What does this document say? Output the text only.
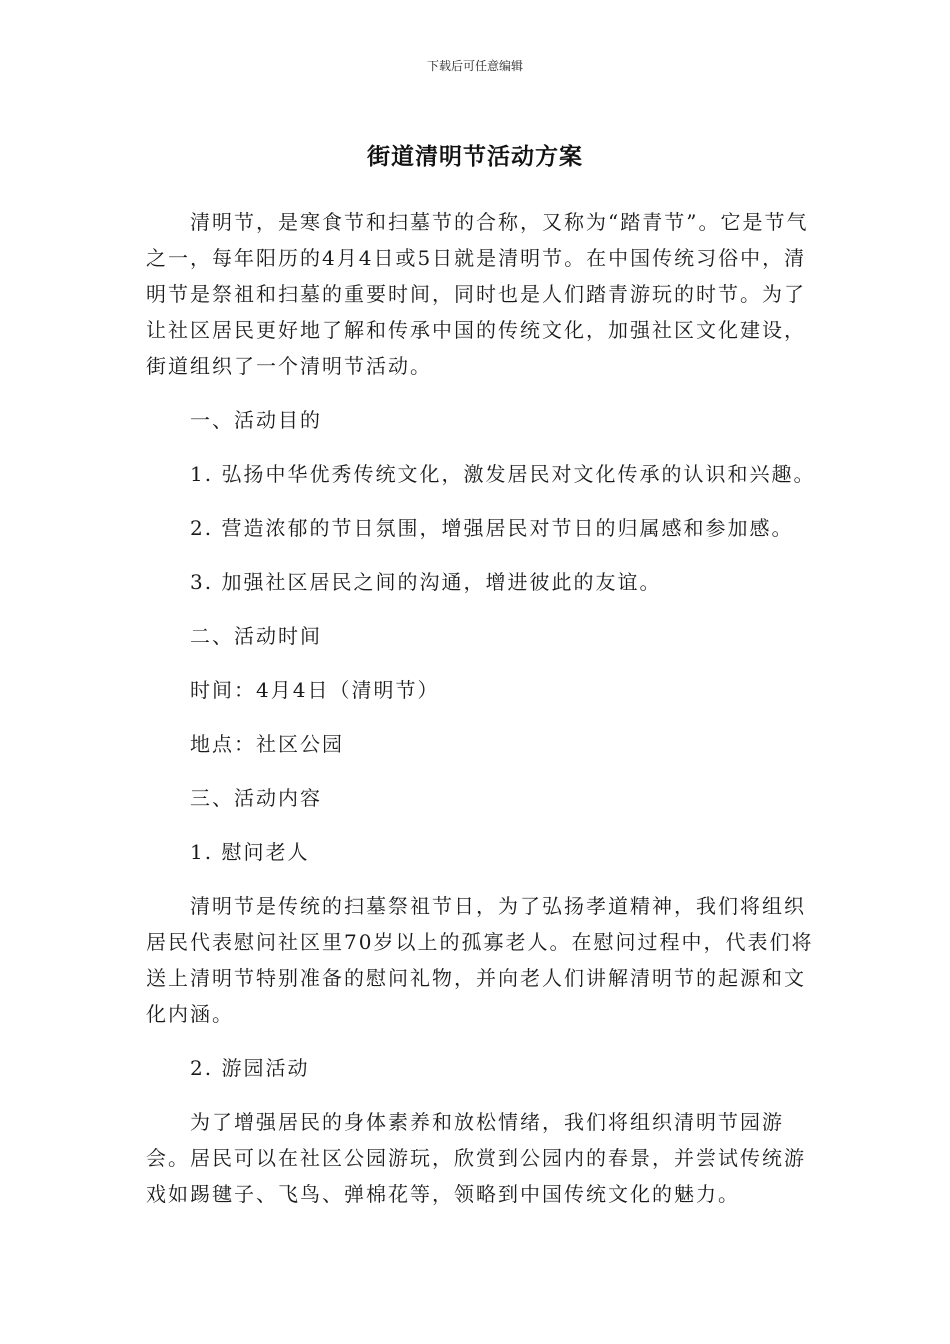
下载后可任意编辑
街道清明节活动方案

清明节，是寒食节和扫墓节的合称，又称为“踏青节”。它是节气之一，每年阳历的4月4日或5日就是清明节。在中国传统习俗中，清明节是祭祖和扫墓的重要时间，同时也是人们踏青游玩的时节。为了让社区居民更好地了解和传承中国的传统文化，加强社区文化建设，街道组织了一个清明节活动。

一、活动目的

1. 弘扬中华优秀传统文化，激发居民对文化传承的认识和兴趣。

2. 营造浓郁的节日氛围，增强居民对节日的归属感和参加感。

3. 加强社区居民之间的沟通，增进彼此的友谊。

二、活动时间

时间：4月4日（清明节）

地点：社区公园

三、活动内容

1. 慰问老人

清明节是传统的扫墓祭祖节日，为了弘扬孝道精神，我们将组织居民代表慰问社区里70岁以上的孤寡老人。在慰问过程中，代表们将送上清明节特别准备的慰问礼物，并向老人们讲解清明节的起源和文化内涵。

2. 游园活动

为了增强居民的身体素养和放松情绪，我们将组织清明节园游会。居民可以在社区公园游玩，欣赏到公园内的春景，并尝试传统游戏如踢毽子、飞鸟、弹棉花等，领略到中国传统文化的魅力。
